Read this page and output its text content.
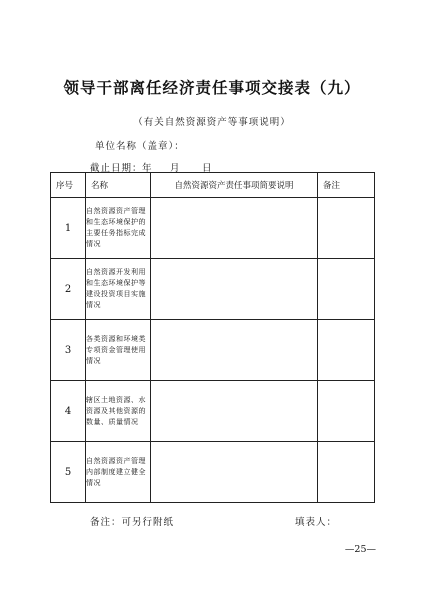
领导干部离任经济责任事项交接表（九）
（有关自然资源资产等事项说明）
单位名称（盖章）：
截止日期： 年 月 日
序号	名称	自然资源资产责任事项简要说明	备注
1	自然资源资产管理和生态环境保护的主要任务指标完成情况		
2	自然资源开发利用和生态环境保护等建设投资项目实施情况		
3	各类资源和环境类专项资金管理使用情况		
4	辖区土地资源、水资源及其他资源的数量、质量情况		
5	自然资源资产管理内部制度建立健全情况		
备注：可另行附纸	填表人：
—25—
